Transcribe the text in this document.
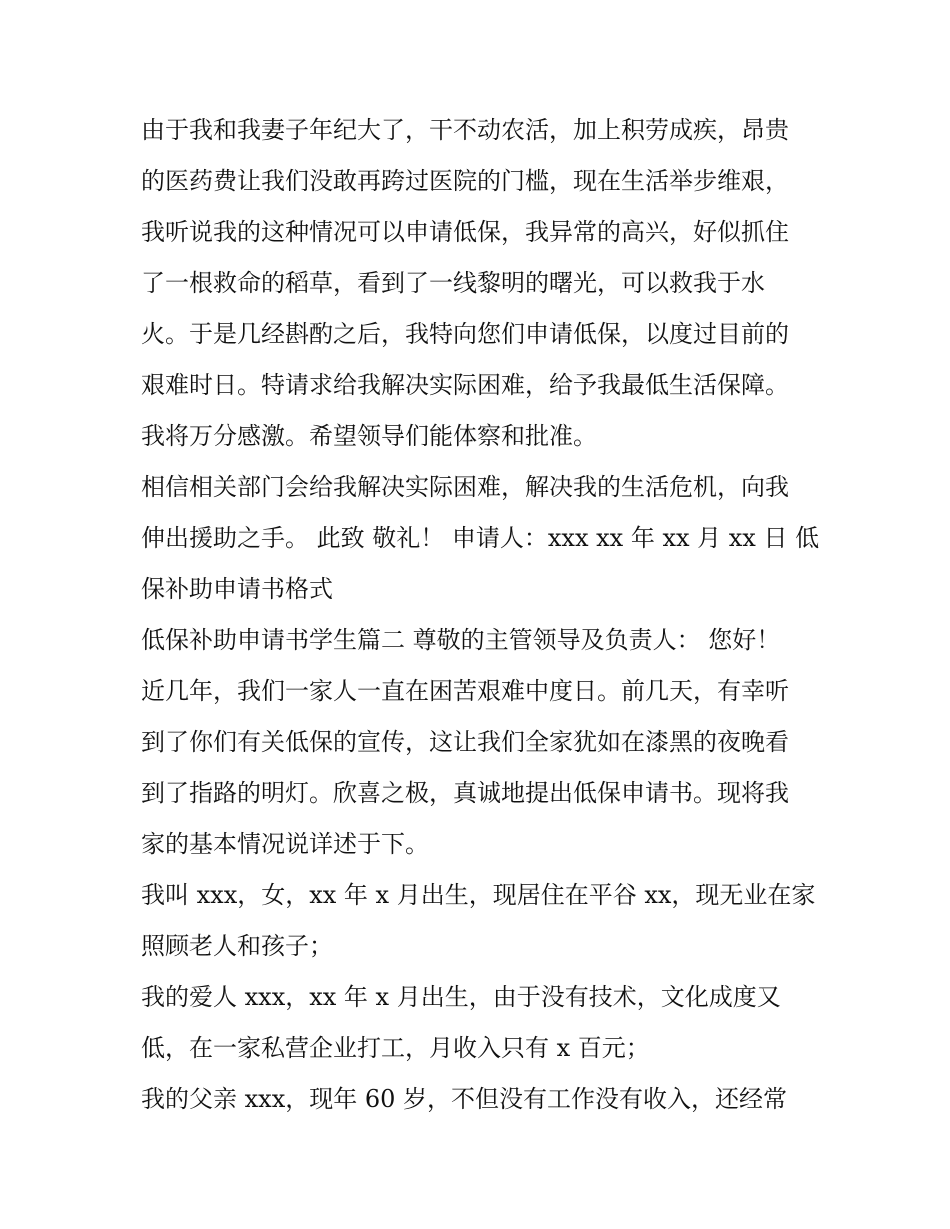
由于我和我妻子年纪大了，干不动农活，加上积劳成疾，昂贵
的医药费让我们没敢再跨过医院的门槛，现在生活举步维艰，
我听说我的这种情况可以申请低保，我异常的高兴，好似抓住
了一根救命的稻草，看到了一线黎明的曙光，可以救我于水
火。于是几经斟酌之后，我特向您们申请低保，以度过目前的
艰难时日。特请求给我解决实际困难，给予我最低生活保障。
我将万分感激。希望领导们能体察和批准。
相信相关部门会给我解决实际困难，解决我的生活危机，向我
伸出援助之手。 此致 敬礼！ 申请人：xxx xx 年 xx 月 xx 日 低
保补助申请书格式
低保补助申请书学生篇二 尊敬的主管领导及负责人： 您好！
近几年，我们一家人一直在困苦艰难中度日。前几天，有幸听
到了你们有关低保的宣传，这让我们全家犹如在漆黑的夜晚看
到了指路的明灯。欣喜之极，真诚地提出低保申请书。现将我
家的基本情况说详述于下。
我叫 xxx，女，xx 年 x 月出生，现居住在平谷 xx，现无业在家
照顾老人和孩子；
我的爱人 xxx，xx 年 x 月出生，由于没有技术，文化成度又
低，在一家私营企业打工，月收入只有 x 百元；
我的父亲 xxx，现年 60 岁，不但没有工作没有收入，还经常
